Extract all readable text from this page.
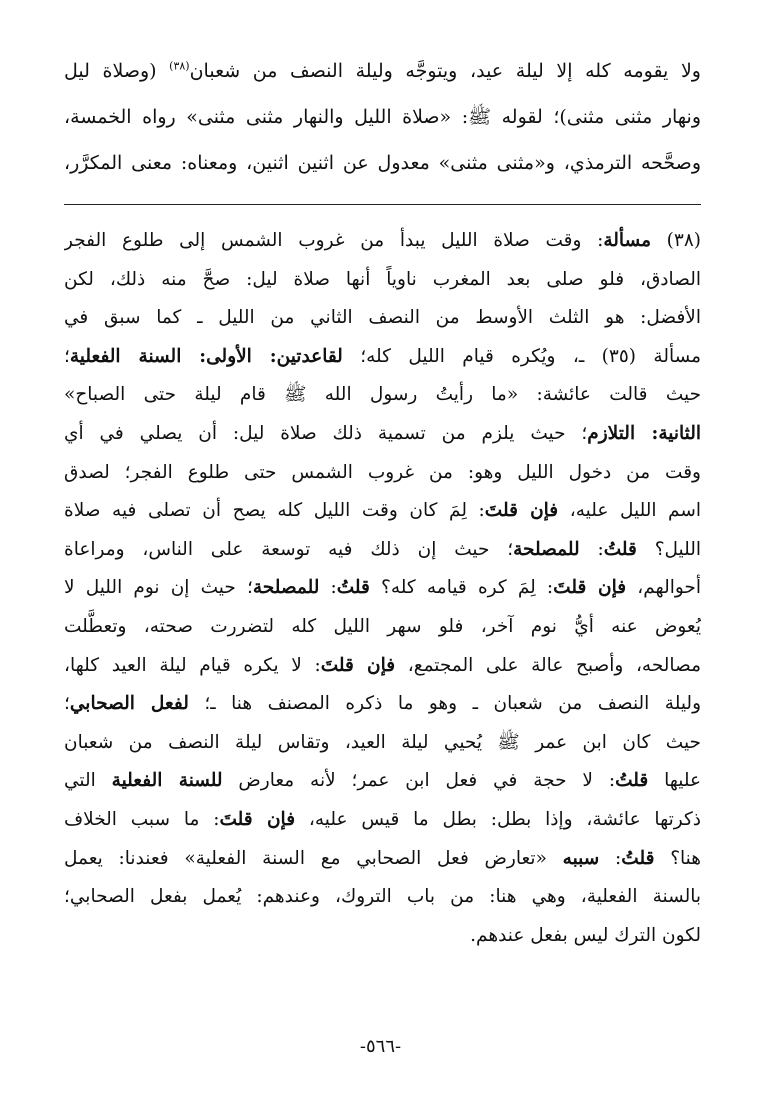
ولا يقومه كله إلا ليلة عيد، ويتوجَّه وليلة النصف من شعبان$^{(٣٨)}$ (وصلاة ليل
ونهار مثنى مثنى)؛ لقوله ﷺ: «صلاة الليل والنهار مثنى مثنى» رواه الخمسة،
وصحَّحه الترمذي، و«مثنى مثنى» معدول عن اثنين اثنين، ومعناه: معنى المكرَّر،
(٣٨) مسألة: وقت صلاة الليل يبدأ من غروب الشمس إلى طلوع الفجر
الصادق، فلو صلى بعد المغرب ناوياً أنها صلاة ليل: صحَّ منه ذلك، لكن
الأفضل: هو الثلث الأوسط من النصف الثاني من الليل ـ كما سبق في
مسألة (٣٥) ـ، ويُكره قيام الليل كله؛ لقاعدتين: الأولى: السنة الفعلية؛
حيث قالت عائشة: «ما رأيتُ رسول الله ﷺ قام ليلة حتى الصباح»
الثانية: التلازم؛ حيث يلزم من تسمية ذلك صلاة ليل: أن يصلي في أي
وقت من دخول الليل وهو: من غروب الشمس حتى طلوع الفجر؛ لصدق
اسم الليل عليه، فإن قلتَ: لِمَ كان وقت الليل كله يصح أن تصلى فيه صلاة
الليل؟ قلتُ: للمصلحة؛ حيث إن ذلك فيه توسعة على الناس، ومراعاة
أحوالهم، فإن قلتَ: لِمَ كره قيامه كله؟ قلتُ: للمصلحة؛ حيث إن نوم الليل لا
يُعوض عنه أيُّ نوم آخر، فلو سهر الليل كله لتضررت صحته، وتعطَّلت
مصالحه، وأصبح عالة على المجتمع، فإن قلتَ: لا يكره قيام ليلة العيد كلها،
وليلة النصف من شعبان ـ وهو ما ذكره المصنف هنا ـ؛ لفعل الصحابي؛
حيث كان ابن عمر ﷺ يُحيي ليلة العيد، وتقاس ليلة النصف من شعبان
عليها قلتُ: لا حجة في فعل ابن عمر؛ لأنه معارض للسنة الفعلية التي
ذكرتها عائشة، وإذا بطل: بطل ما قيس عليه، فإن قلتَ: ما سبب الخلاف
هنا؟ قلتُ: سببه «تعارض فعل الصحابي مع السنة الفعلية» فعندنا: يعمل
بالسنة الفعلية، وهي هنا: من باب التروك، وعندهم: يُعمل بفعل الصحابي؛
لكون الترك ليس بفعل عندهم.
-٥٦٦-
